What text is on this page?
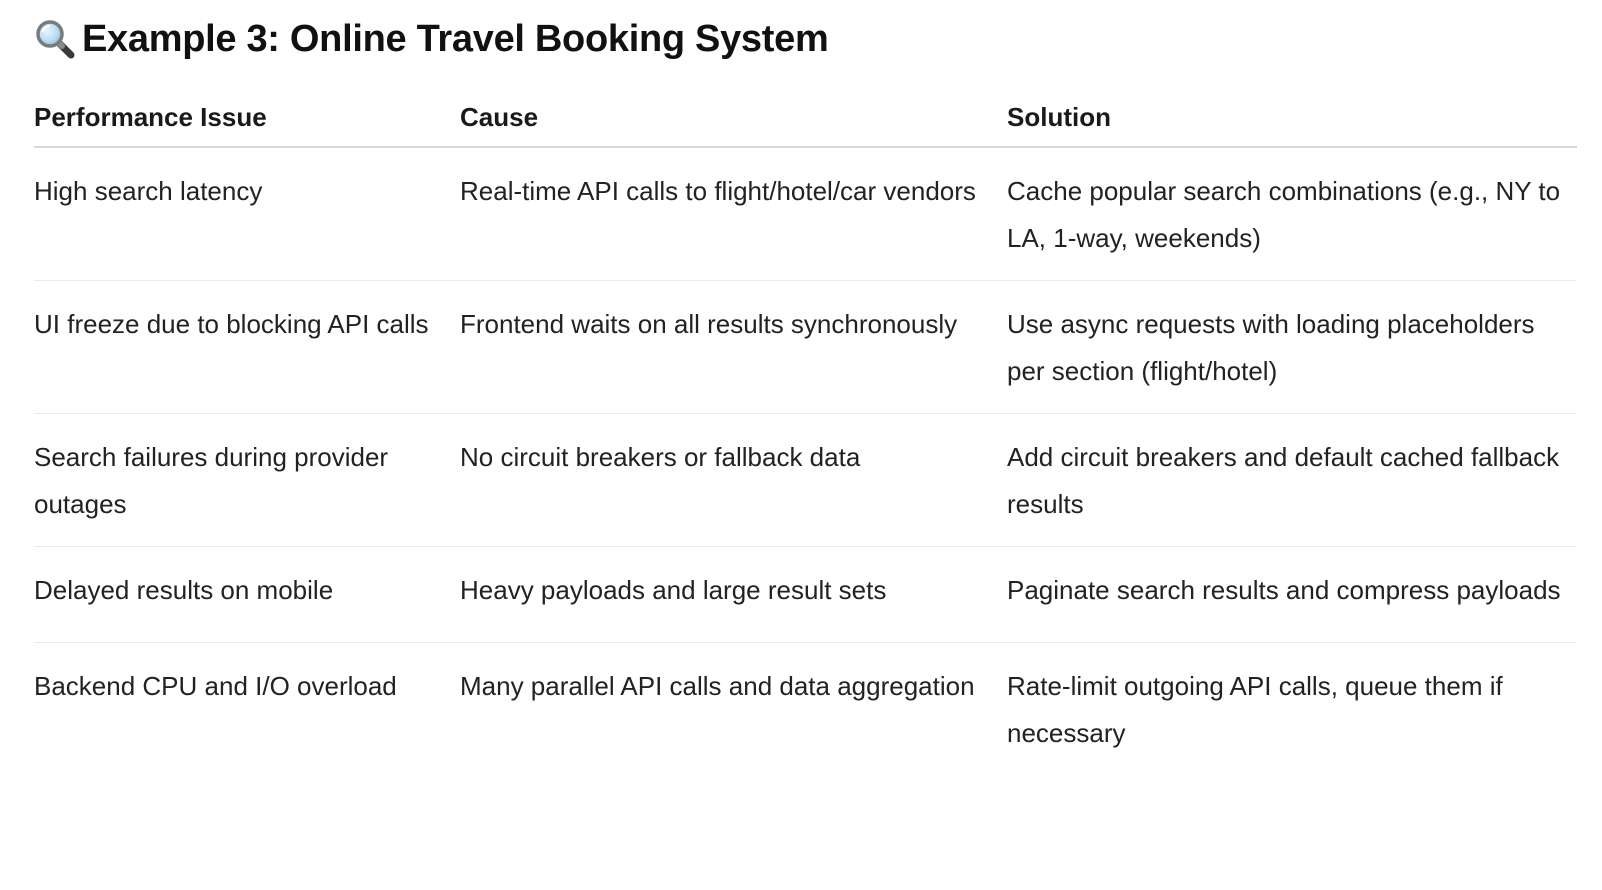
Example 3: Online Travel Booking System
Performance Issue	Cause	Solution
High search latency	Real-time API calls to flight/hotel/car vendors	Cache popular search combinations (e.g., NY to LA, 1-way, weekends)
UI freeze due to blocking API calls	Frontend waits on all results synchronously	Use async requests with loading placeholders per section (flight/hotel)
Search failures during provider outages	No circuit breakers or fallback data	Add circuit breakers and default cached fallback results
Delayed results on mobile	Heavy payloads and large result sets	Paginate search results and compress payloads
Backend CPU and I/O overload	Many parallel API calls and data aggregation	Rate-limit outgoing API calls, queue them if necessary
